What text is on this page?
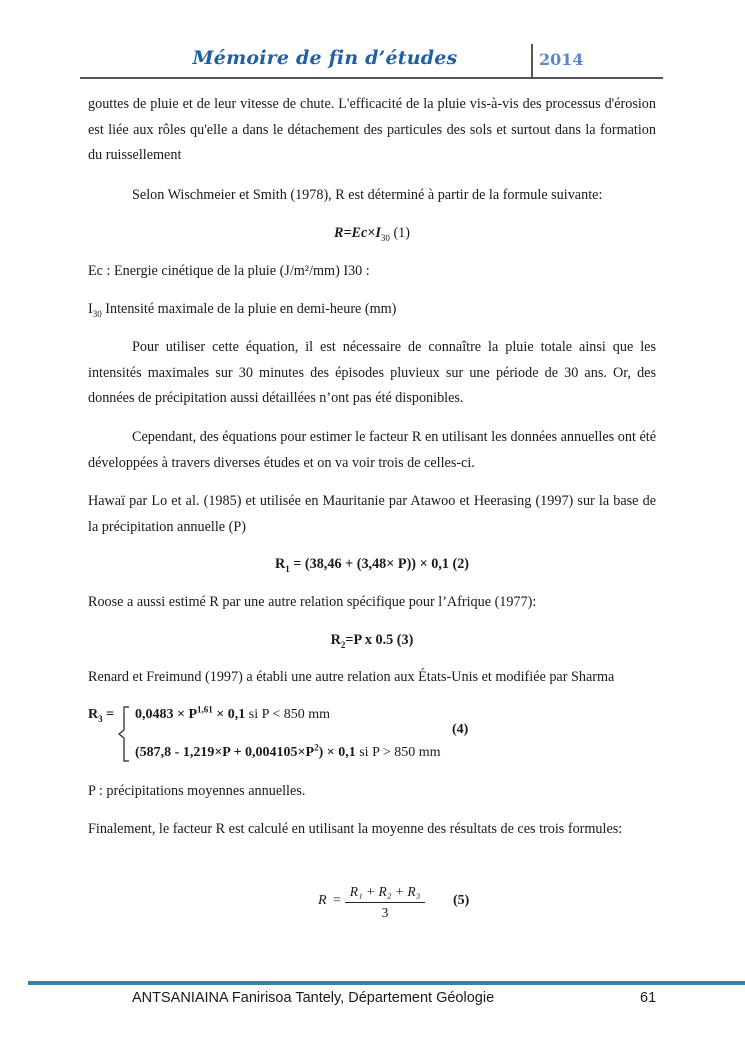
Mémoire de fin d’études	2014
gouttes de pluie et de leur vitesse de chute. L'efficacité de la pluie vis-à-vis des processus d'érosion est liée aux rôles qu'elle a dans le détachement des particules des sols et surtout dans la formation du ruissellement
Selon Wischmeier et Smith (1978), R est déterminé à partir de la formule suivante:
$R=Ec\times I_{30}$ (1)
Ec : Energie cinétique de la pluie (J/m²/mm) I30 :
$I_{30}$ Intensité maximale de la pluie en demi-heure (mm)
Pour utiliser cette équation, il est nécessaire de connaître la pluie totale ainsi que les intensités maximales sur 30 minutes des épisodes pluvieux sur une période de 30 ans. Or, des données de précipitation aussi détaillées n’ont pas été disponibles.
Cependant, des équations pour estimer le facteur R en utilisant les données annuelles ont été développées à travers diverses études et on va voir trois de celles-ci.
Hawaï par Lo et al. (1985) et utilisée en Mauritanie par Atawoo et Heerasing (1997) sur la base de la précipitation annuelle (P)
$R_1 = (38,46 + (3,48\times P)) \times 0,1$ (2)
Roose a aussi estimé R par une autre relation spécifique pour l’Afrique (1977):
$R_2=P$ x 0.5 (3)
Renard et Freimund (1997) a établi une autre relation aux États-Unis et modifiée par Sharma
$R_3 = 0,0483 \times P^{1,61} \times 0,1$ si P < 850 mm
$(587,8 - 1,219\times P + 0,004105\times P^2) \times 0,1$ si P > 850 mm
(4)
P : précipitations moyennes annuelles.
Finalement, le facteur R est calculé en utilisant la moyenne des résultats de ces trois formules:
R =
R₁ + R₂ + R₃
3
(5)
ANTSANIAINA Fanirisoa Tantely, Département Géologie	61
